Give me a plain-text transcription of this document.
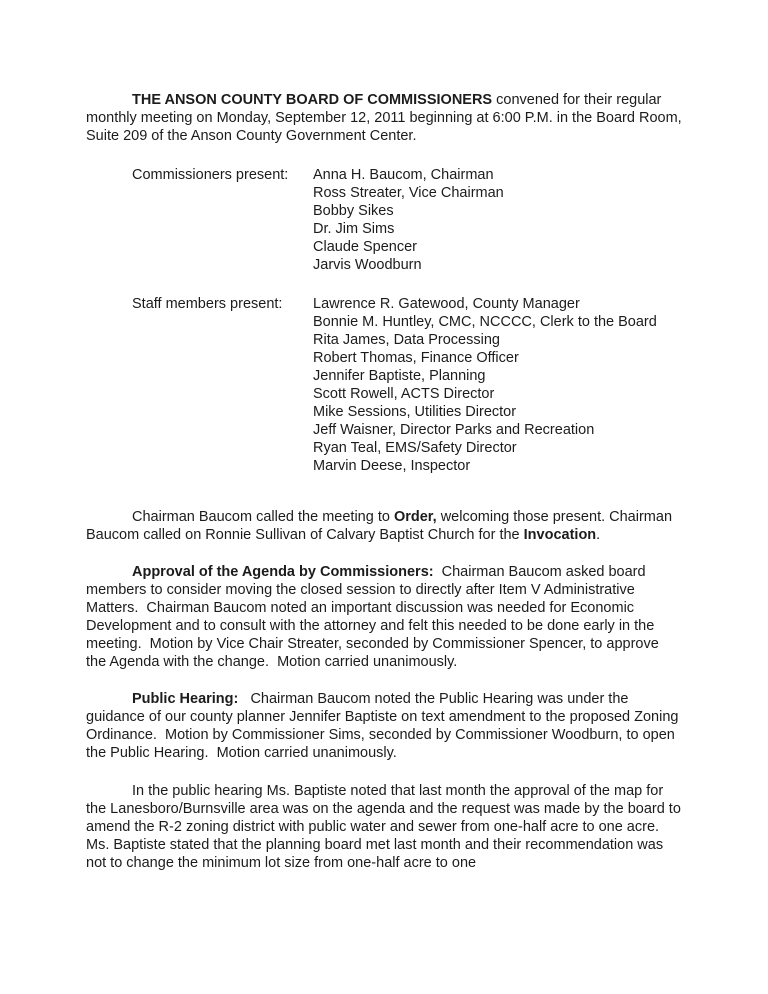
THE ANSON COUNTY BOARD OF COMMISSIONERS convened for their regular monthly meeting on Monday, September 12, 2011 beginning at 6:00 P.M. in the Board Room, Suite 209 of the Anson County Government Center.

Commissioners present:	Anna H. Baucom, Chairman
Ross Streater, Vice Chairman
Bobby Sikes
Dr. Jim Sims
Claude Spencer
Jarvis Woodburn
Staff members present:	Lawrence R. Gatewood, County Manager
Bonnie M. Huntley, CMC, NCCCC, Clerk to the Board
Rita James, Data Processing
Robert Thomas, Finance Officer
Jennifer Baptiste, Planning
Scott Rowell, ACTS Director
Mike Sessions, Utilities Director
Jeff Waisner, Director Parks and Recreation
Ryan Teal, EMS/Safety Director
Marvin Deese, Inspector

Chairman Baucom called the meeting to Order, welcoming those present. Chairman Baucom called on Ronnie Sullivan of Calvary Baptist Church for the Invocation.

Approval of the Agenda by Commissioners:  Chairman Baucom asked board members to consider moving the closed session to directly after Item V Administrative Matters.  Chairman Baucom noted an important discussion was needed for Economic Development and to consult with the attorney and felt this needed to be done early in the meeting.  Motion by Vice Chair Streater, seconded by Commissioner Spencer, to approve the Agenda with the change.  Motion carried unanimously.

Public Hearing:   Chairman Baucom noted the Public Hearing was under the guidance of our county planner Jennifer Baptiste on text amendment to the proposed Zoning Ordinance.  Motion by Commissioner Sims, seconded by Commissioner Woodburn, to open the Public Hearing.  Motion carried unanimously.

In the public hearing Ms. Baptiste noted that last month the approval of the map for the Lanesboro/Burnsville area was on the agenda and the request was made by the board to amend the R-2 zoning district with public water and sewer from one-half acre to one acre.  Ms. Baptiste stated that the planning board met last month and their recommendation was not to change the minimum lot size from one-half acre to one
